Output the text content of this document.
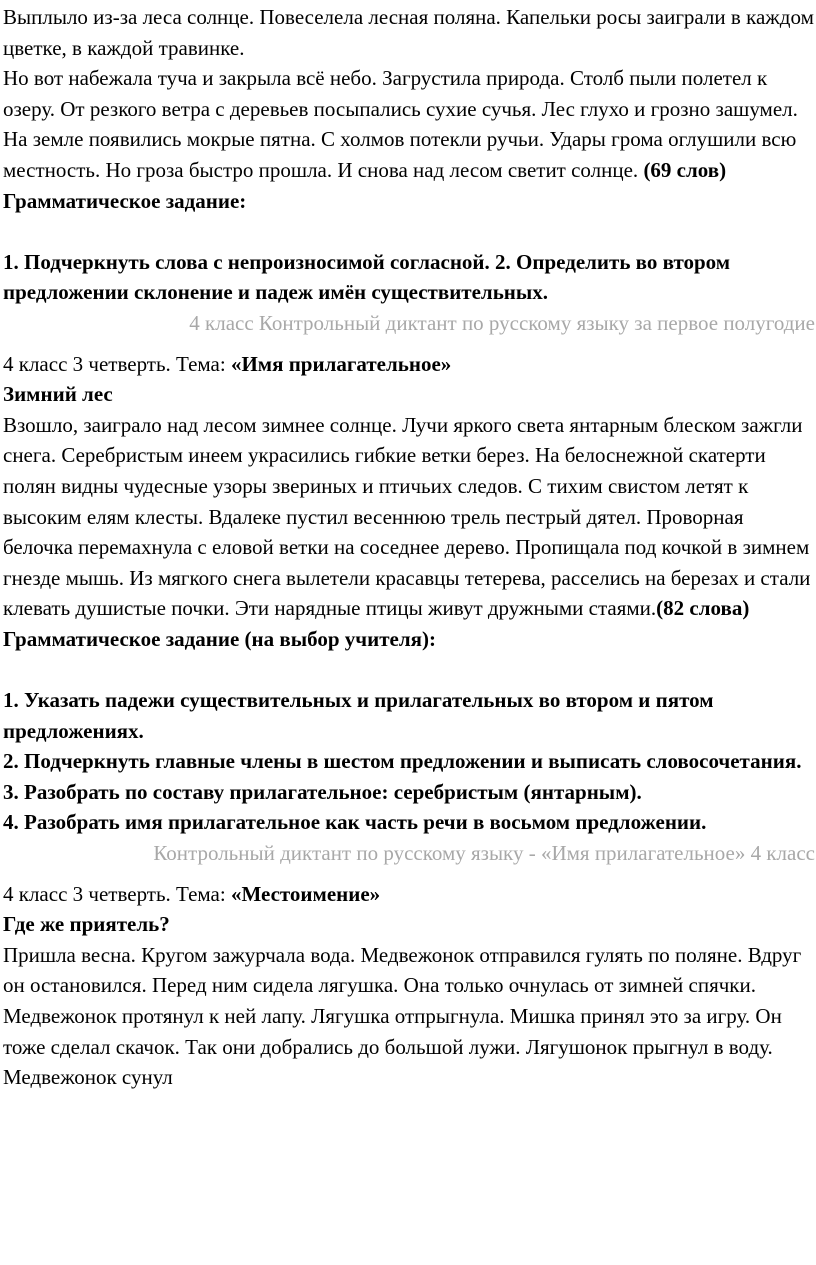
Выплыло из-за леса солнце. Повеселела лесная поляна. Капельки росы заиграли в каждом цветке, в каждой травинке.

Но вот набежала туча и закрыла всё небо. Загрустила природа. Столб пыли полетел к озеру. От резкого ветра с деревьев посыпались сухие сучья. Лес глухо и грозно зашумел. На земле появились мокрые пятна. С холмов потекли ручьи. Удары грома оглушили всю местность. Но гроза быстро прошла. И снова над лесом светит солнце. (69 слов)

Грамматическое задание:

1. Подчеркнуть слова с непроизносимой согласной. 2. Определить во втором предложении склонение и падеж имён существительных.

4 класс Контрольный диктант по русскому языку за первое полугодие

4 класс 3 четверть. Тема: «Имя прилагательное»

Зимний лес

Взошло, заиграло над лесом зимнее солнце. Лучи яркого света янтарным блеском зажгли снега. Серебристым инеем украсились гибкие ветки берез. На белоснежной скатерти полян видны чудесные узоры звериных и птичьих следов. С тихим свистом летят к высоким елям клесты. Вдалеке пустил весеннюю трель пестрый дятел. Проворная белочка перемахнула с еловой ветки на соседнее дерево. Пропищала под кочкой в зимнем гнезде мышь. Из мягкого снега вылетели красавцы тетерева, расселись на березах и стали клевать душистые почки. Эти нарядные птицы живут дружными стаями.(82 слова)

Грамматическое задание (на выбор учителя):

1. Указать падежи существительных и прилагательных во втором и пятом предложениях.

2. Подчеркнуть главные члены в шестом предложении и выписать словосочетания.

3. Разобрать по составу прилагательное: серебристым (янтарным).

4. Разобрать имя прилагательное как часть речи в восьмом предложении.

Контрольный диктант по русскому языку - «Имя прилагательное» 4 класс

4 класс 3 четверть. Тема: «Местоимение»

Где же приятель?

Пришла весна. Кругом зажурчала вода. Медвежонок отправился гулять по поляне. Вдруг он остановился. Перед ним сидела лягушка. Она только очнулась от зимней спячки. Медвежонок протянул к ней лапу. Лягушка отпрыгнула. Мишка принял это за игру. Он тоже сделал скачок. Так они добрались до большой лужи. Лягушонок прыгнул в воду. Медвежонок сунул
